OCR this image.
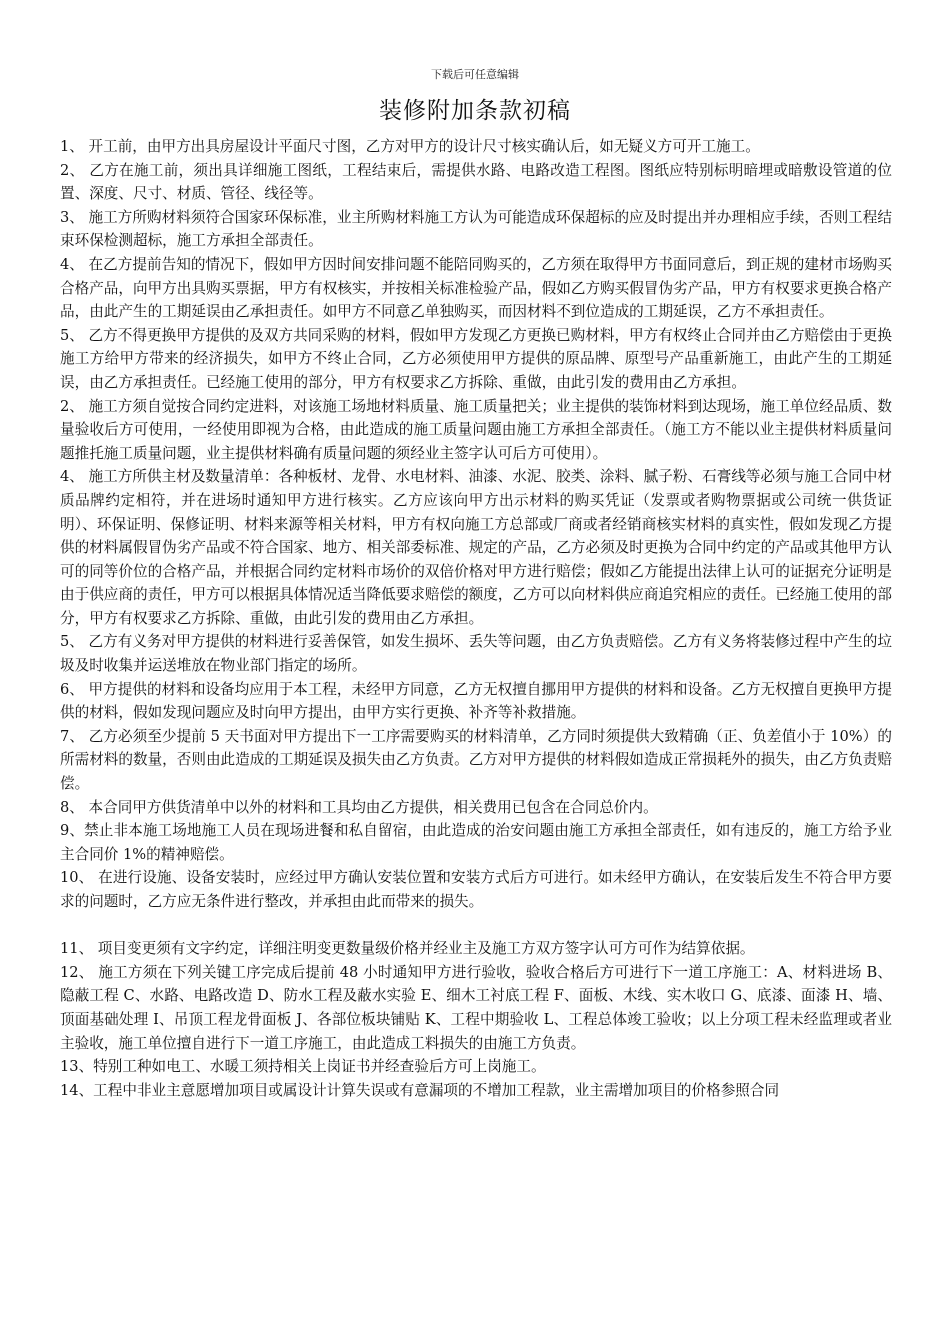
下载后可任意编辑
装修附加条款初稿

1、 开工前，由甲方出具房屋设计平面尺寸图，乙方对甲方的设计尺寸核实确认后，如无疑义方可开工施工。

2、 乙方在施工前，须出具详细施工图纸，工程结束后，需提供水路、电路改造工程图。图纸应特别标明暗埋或暗敷设管道的位置、深度、尺寸、材质、管径、线径等。

3、 施工方所购材料须符合国家环保标准，业主所购材料施工方认为可能造成环保超标的应及时提出并办理相应手续，否则工程结束环保检测超标，施工方承担全部责任。

4、 在乙方提前告知的情况下，假如甲方因时间安排问题不能陪同购买的，乙方须在取得甲方书面同意后，到正规的建材市场购买合格产品，向甲方出具购买票据，甲方有权核实，并按相关标准检验产品，假如乙方购买假冒伪劣产品，甲方有权要求更换合格产品，由此产生的工期延误由乙承担责任。如甲方不同意乙单独购买，而因材料不到位造成的工期延误，乙方不承担责任。

5、 乙方不得更换甲方提供的及双方共同采购的材料，假如甲方发现乙方更换已购材料，甲方有权终止合同并由乙方赔偿由于更换施工方给甲方带来的经济损失，如甲方不终止合同，乙方必须使用甲方提供的原品牌、原型号产品重新施工，由此产生的工期延误，由乙方承担责任。已经施工使用的部分，甲方有权要求乙方拆除、重做，由此引发的费用由乙方承担。

2、 施工方须自觉按合同约定进料，对该施工场地材料质量、施工质量把关；业主提供的装饰材料到达现场，施工单位经品质、数量验收后方可使用，一经使用即视为合格，由此造成的施工质量问题由施工方承担全部责任。（施工方不能以业主提供材料质量问题推托施工质量问题，业主提供材料确有质量问题的须经业主签字认可后方可使用）。

4、 施工方所供主材及数量清单：各种板材、龙骨、水电材料、油漆、水泥、胶类、涂料、腻子粉、石膏线等必须与施工合同中材质品牌约定相符，并在进场时通知甲方进行核实。乙方应该向甲方出示材料的购买凭证（发票或者购物票据或公司统一供货证明）、环保证明、保修证明、材料来源等相关材料，甲方有权向施工方总部或厂商或者经销商核实材料的真实性，假如发现乙方提供的材料属假冒伪劣产品或不符合国家、地方、相关部委标准、规定的产品，乙方必须及时更换为合同中约定的产品或其他甲方认可的同等价位的合格产品，并根据合同约定材料市场价的双倍价格对甲方进行赔偿；假如乙方能提出法律上认可的证据充分证明是由于供应商的责任，甲方可以根据具体情况适当降低要求赔偿的额度，乙方可以向材料供应商追究相应的责任。已经施工使用的部分，甲方有权要求乙方拆除、重做，由此引发的费用由乙方承担。

5、 乙方有义务对甲方提供的材料进行妥善保管，如发生损坏、丢失等问题，由乙方负责赔偿。乙方有义务将装修过程中产生的垃圾及时收集并运送堆放在物业部门指定的场所。

6、 甲方提供的材料和设备均应用于本工程，未经甲方同意，乙方无权擅自挪用甲方提供的材料和设备。乙方无权擅自更换甲方提供的材料，假如发现问题应及时向甲方提出，由甲方实行更换、补齐等补救措施。

7、 乙方必须至少提前 5 天书面对甲方提出下一工序需要购买的材料清单，乙方同时须提供大致精确（正、负差值小于 10%）的所需材料的数量，否则由此造成的工期延误及损失由乙方负责。乙方对甲方提供的材料假如造成正常损耗外的损失，由乙方负责赔偿。

8、 本合同甲方供货清单中以外的材料和工具均由乙方提供，相关费用已包含在合同总价内。

9、禁止非本施工场地施工人员在现场进餐和私自留宿，由此造成的治安问题由施工方承担全部责任，如有违反的，施工方给予业主合同价 1%的精神赔偿。

10、 在进行设施、设备安装时，应经过甲方确认安装位置和安装方式后方可进行。如未经甲方确认，在安装后发生不符合甲方要求的问题时，乙方应无条件进行整改，并承担由此而带来的损失。

11、 项目变更须有文字约定，详细注明变更数量级价格并经业主及施工方双方签字认可方可作为结算依据。

12、 施工方须在下列关键工序完成后提前 48 小时通知甲方进行验收，验收合格后方可进行下一道工序施工：A、材料进场 B、隐蔽工程 C、水路、电路改造 D、防水工程及蔽水实验 E、细木工衬底工程 F、面板、木线、实木收口 G、底漆、面漆 H、墙、顶面基础处理 I、吊顶工程龙骨面板 J、各部位板块铺贴 K、工程中期验收 L、工程总体竣工验收；以上分项工程未经监理或者业主验收，施工单位擅自进行下一道工序施工，由此造成工料损失的由施工方负责。

13、特别工种如电工、水暖工须持相关上岗证书并经查验后方可上岗施工。

14、工程中非业主意愿增加项目或属设计计算失误或有意漏项的不增加工程款，业主需增加项目的价格参照合同
